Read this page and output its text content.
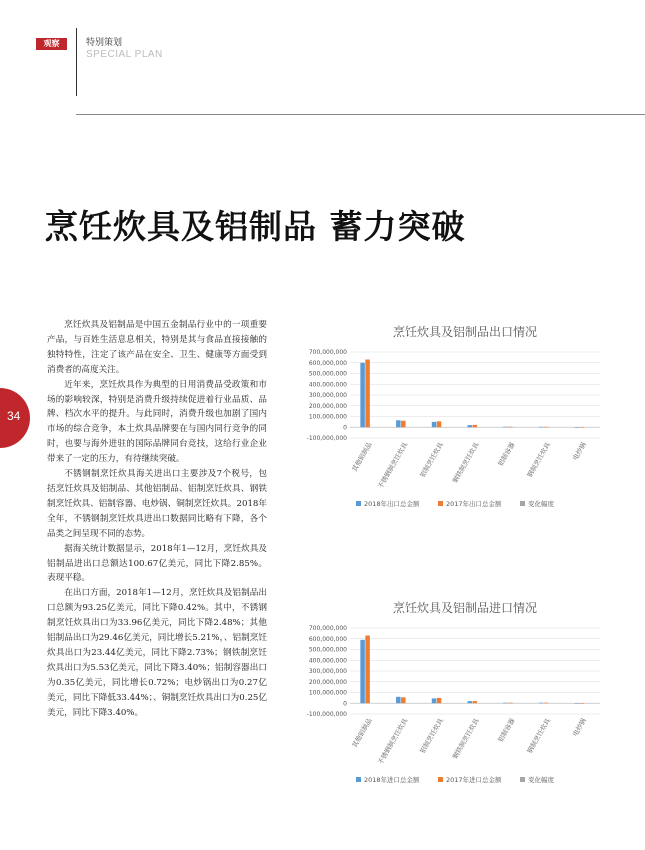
观察	特别策划
SPECIAL PLAN
烹饪炊具及铝制品 蓄力突破
34

烹饪炊具及铝制品是中国五金制品行业中的一项重要产品，与百姓生活息息相关，特别是其与食品直接接触的独特特性，注定了该产品在安全、卫生、健康等方面受到消费者的高度关注。

近年来，烹饪炊具作为典型的日用消费品受政策和市场的影响较深，特别是消费升级持续促进着行业品质、品牌、档次水平的提升。与此同时，消费升级也加剧了国内市场的综合竞争，本土炊具品牌要在与国内同行竞争的同时，也要与海外进驻的国际品牌同台竞技，这给行业企业带来了一定的压力，有待继续突破。

不锈钢制烹饪炊具海关进出口主要涉及7个税号，包括烹饪炊具及铝制品、其他铝制品、铝制烹饪炊具、钢铁制烹饪炊具、铝制容器、电炒锅、铜制烹饪炊具。2018年全年，不锈钢制烹饪炊具进出口数据同比略有下降，各个品类之间呈现不同的态势。

据海关统计数据显示，2018年1—12月，烹饪炊具及铝制品进出口总额达100.67亿美元，同比下降2.85%。表现平稳。

在出口方面，2018年1—12月，烹饪炊具及铝制品出口总额为93.25亿美元，同比下降0.42%。其中，不锈钢制烹饪炊具出口为33.96亿美元，同比下降2.48%；其他铝制品出口为29.46亿美元，同比增长5.21%，、铝制烹饪炊具出口为23.44亿美元，同比下降2.73%；钢铁制烹饪炊具出口为5.53亿美元，同比下降3.40%；铝制容器出口为0.35亿美元，同比增长0.72%；电炒锅出口为0.27亿美元，同比下降低33.44%；、铜制烹饪炊具出口为0.25亿美元，同比下降3.40%。

烹饪炊具及铝制品出口情况
700,000,000
600,000,000
500,000,000
400,000,000
300,000,000
200,000,000
100,000,000
0
-100,000,000
其他铝制品 不锈钢制烹饪炊具 铝制烹饪炊具 钢铁制烹饪炊具 铝制容器 钢制烹饪炊具	电炒锅
2018年出口总金额	2017年出口总金额	变化幅度
烹饪炊具及铝制品进口情况
700,000,000
600,000,000
500,000,000
400,000,000
300,000,000
200,000,000
100,000,000
0
-100,000,000
其他铝制品 不锈钢制烹饪炊具 铝制烹饪炊具 钢铁制烹饪炊具 铝制容器 钢制烹饪炊具	电炒锅
2018年进口总金额	2017年进口总金额	变化幅度
